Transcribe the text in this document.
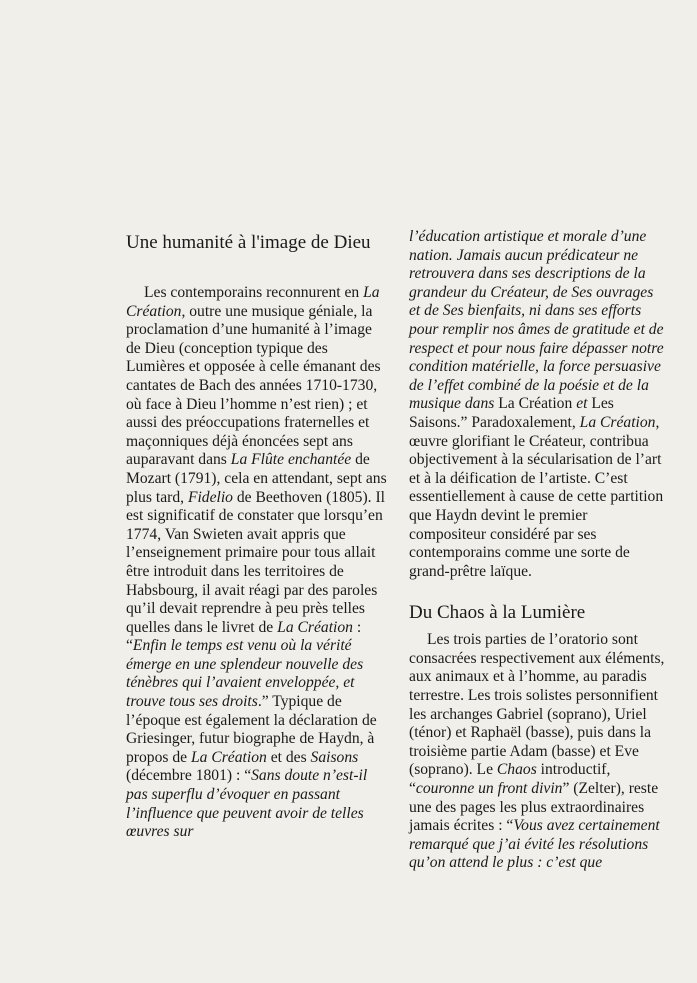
Une humanité à l'image de Dieu

Les contemporains reconnurent en La Création, outre une musique géniale, la proclamation d’une humanité à l’image de Dieu (conception typique des Lumières et opposée à celle émanant des cantates de Bach des années 1710-1730, où face à Dieu l’homme n’est rien) ; et aussi des préoccupations fraternelles et maçonniques déjà énoncées sept ans auparavant dans La Flûte enchantée de Mozart (1791), cela en attendant, sept ans plus tard, Fidelio de Beethoven (1805). Il est significatif de constater que lorsqu’en 1774, Van Swieten avait appris que l’enseignement primaire pour tous allait être introduit dans les territoires de Habsbourg, il avait réagi par des paroles qu’il devait reprendre à peu près telles quelles dans le livret de La Création : “Enfin le temps est venu où la vérité émerge en une splendeur nouvelle des ténèbres qui l’avaient enveloppée, et trouve tous ses droits.” Typique de l’époque est également la déclaration de Griesinger, futur biographe de Haydn, à propos de La Création et des Saisons (décembre 1801) : “Sans doute n’est-il pas superflu d’évoquer en passant l’influence que peuvent avoir de telles œuvres sur

l’éducation artistique et morale d’une nation. Jamais aucun prédicateur ne retrouvera dans ses descriptions de la grandeur du Créateur, de Ses ouvrages et de Ses bienfaits, ni dans ses efforts pour remplir nos âmes de gratitude et de respect et pour nous faire dépasser notre condition matérielle, la force persuasive de l’effet combiné de la poésie et de la musique dans La Création et Les Saisons.” Paradoxalement, La Création, œuvre glorifiant le Créateur, contribua objectivement à la sécularisation de l’art et à la déification de l’artiste. C’est essentiellement à cause de cette partition que Haydn devint le premier compositeur considéré par ses contemporains comme une sorte de grand-prêtre laïque.

Du Chaos à la Lumière

Les trois parties de l’oratorio sont consacrées respectivement aux éléments, aux animaux et à l’homme, au paradis terrestre. Les trois solistes personnifient les archanges Gabriel (soprano), Uriel (ténor) et Raphaël (basse), puis dans la troisième partie Adam (basse) et Eve (soprano). Le Chaos introductif, “couronne un front divin” (Zelter), reste une des pages les plus extraordinaires jamais écrites : “Vous avez certainement remarqué que j’ai évité les résolutions qu’on attend le plus : c’est que
